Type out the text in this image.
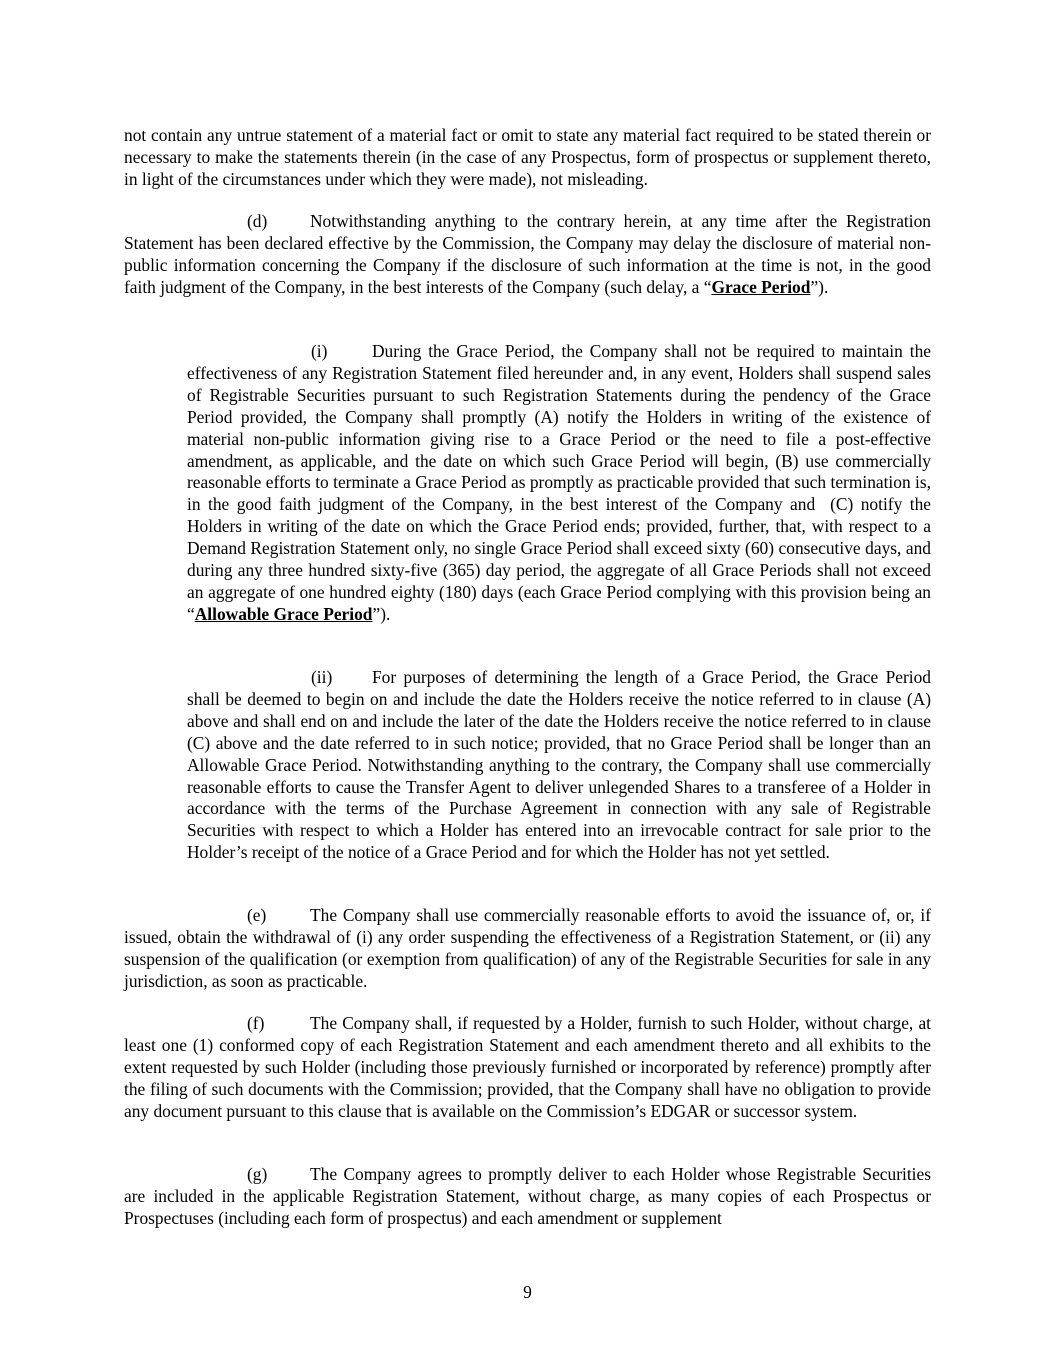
not contain any untrue statement of a material fact or omit to state any material fact required to be stated therein or necessary to make the statements therein (in the case of any Prospectus, form of prospectus or supplement thereto, in light of the circumstances under which they were made), not misleading.

(d) Notwithstanding anything to the contrary herein, at any time after the Registration Statement has been declared effective by the Commission, the Company may delay the disclosure of material non-public information concerning the Company if the disclosure of such information at the time is not, in the good faith judgment of the Company, in the best interests of the Company (such delay, a “Grace Period”).

(i)	During the Grace Period, the Company shall not be required to maintain the effectiveness of any Registration Statement filed hereunder and, in any event, Holders shall suspend sales of Registrable Securities pursuant to such Registration Statements during the pendency of the Grace Period provided, the Company shall promptly (A) notify the Holders in writing of the existence of material non-public information giving rise to a Grace Period or the need to file a post-effective amendment, as applicable, and the date on which such Grace Period will begin, (B) use commercially reasonable efforts to terminate a Grace Period as promptly as practicable provided that such termination is, in the good faith judgment of the Company, in the best interest of the Company and  (C) notify the Holders in writing of the date on which the Grace Period ends; provided, further, that, with respect to a Demand Registration Statement only, no single Grace Period shall exceed sixty (60) consecutive days, and during any three hundred sixty-five (365) day period, the aggregate of all Grace Periods shall not exceed an aggregate of one hundred eighty (180) days (each Grace Period complying with this provision being an “Allowable Grace Period”).

(ii) For purposes of determining the length of a Grace Period, the Grace Period shall be deemed to begin on and include the date the Holders receive the notice referred to in clause (A) above and shall end on and include the later of the date the Holders receive the notice referred to in clause (C) above and the date referred to in such notice; provided, that no Grace Period shall be longer than an Allowable Grace Period. Notwithstanding anything to the contrary, the Company shall use commercially reasonable efforts to cause the Transfer Agent to deliver unlegended Shares to a transferee of a Holder in accordance with the terms of the Purchase Agreement in connection with any sale of Registrable Securities with respect to which a Holder has entered into an irrevocable contract for sale prior to the Holder’s receipt of the notice of a Grace Period and for which the Holder has not yet settled.

(e)	The Company shall use commercially reasonable efforts to avoid the issuance of, or, if issued, obtain the withdrawal of (i) any order suspending the effectiveness of a Registration Statement, or (ii) any suspension of the qualification (or exemption from qualification) of any of the Registrable Securities for sale in any jurisdiction, as soon as practicable.

(f)	The Company shall, if requested by a Holder, furnish to such Holder, without charge, at least one (1) conformed copy of each Registration Statement and each amendment thereto and all exhibits to the extent requested by such Holder (including those previously furnished or incorporated by reference) promptly after the filing of such documents with the Commission; provided, that the Company shall have no obligation to provide any document pursuant to this clause that is available on the Commission’s EDGAR or successor system.

(g) The Company agrees to promptly deliver to each Holder whose Registrable Securities are included in the applicable Registration Statement, without charge, as many copies of each Prospectus or Prospectuses (including each form of prospectus) and each amendment or supplement

9
